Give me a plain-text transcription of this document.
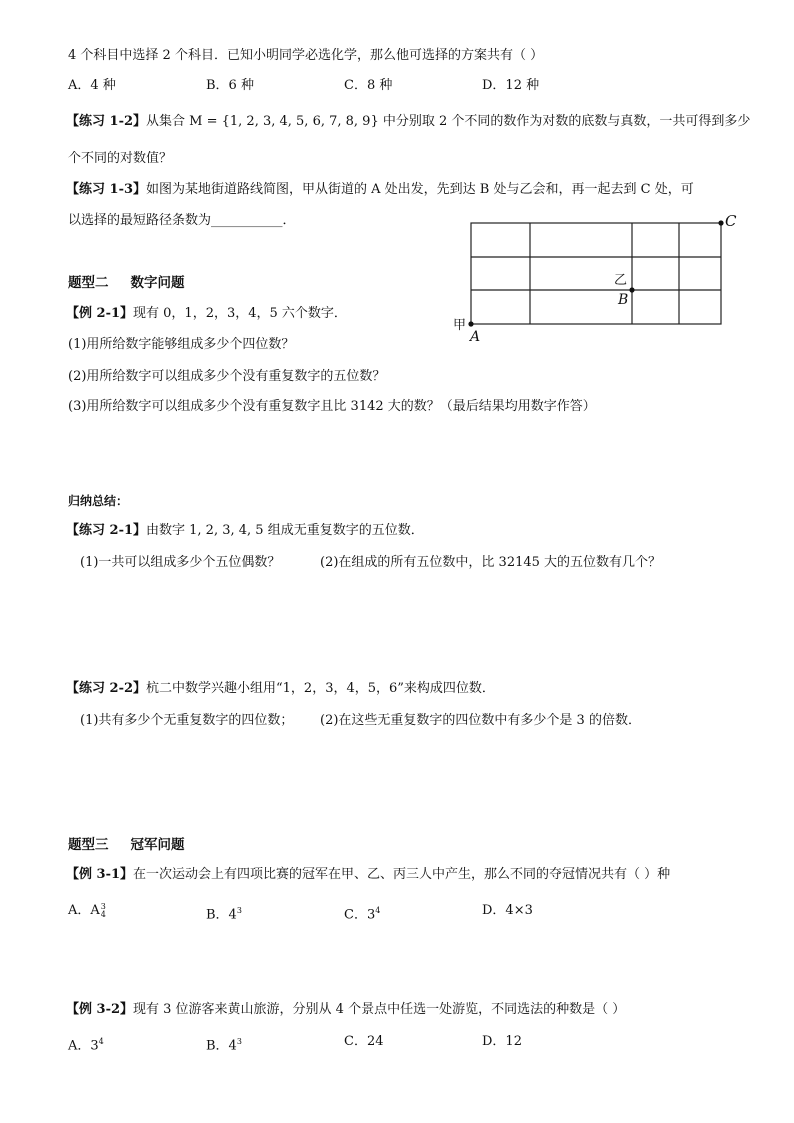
4 个科目中选择 2 个科目．已知小明同学必选化学，那么他可选择的方案共有（ ）
A．4 种	B．6 种	C．8 种	D．12 种
【练习 1-2】从集合 M = {1, 2, 3, 4, 5, 6, 7, 8, 9} 中分别取 2 个不同的数作为对数的底数与真数，一共可得到多少
个不同的对数值？
【练习 1-3】如图为某地街道路线简图，甲从街道的 A 处出发，先到达 B 处与乙会和，再一起去到 C 处，可
以选择的最短路径条数为___________．	C
乙
B
甲
A
题型二 数字问题
【例 2-1】现有 0，1，2，3，4，5 六个数字．
(1)用所给数字能够组成多少个四位数？
(2)用所给数字可以组成多少个没有重复数字的五位数？
(3)用所给数字可以组成多少个没有重复数字且比 3142 大的数？（最后结果均用数字作答）
归纳总结：
【练习 2-1】由数字 1, 2, 3, 4, 5 组成无重复数字的五位数．
(1)一共可以组成多少个五位偶数？	(2)在组成的所有五位数中，比 32145 大的五位数有几个？
【练习 2-2】杭二中数学兴趣小组用“1，2，3，4，5，6”来构成四位数．
(1)共有多少个无重复数字的四位数； (2)在这些无重复数字的四位数中有多少个是 3 的倍数．
题型三 冠军问题
【例 3-1】在一次运动会上有四项比赛的冠军在甲、乙、丙三人中产生，那么不同的夺冠情况共有（ ）种
A．A 3
4	B．$4^3$	C．$3^4$	D．4×3
【例 3-2】现有 3 位游客来黄山旅游，分别从 4 个景点中任选一处游览，不同选法的种数是（ ）
A．$3^4$	B．$4^3$	C．24	D．12
